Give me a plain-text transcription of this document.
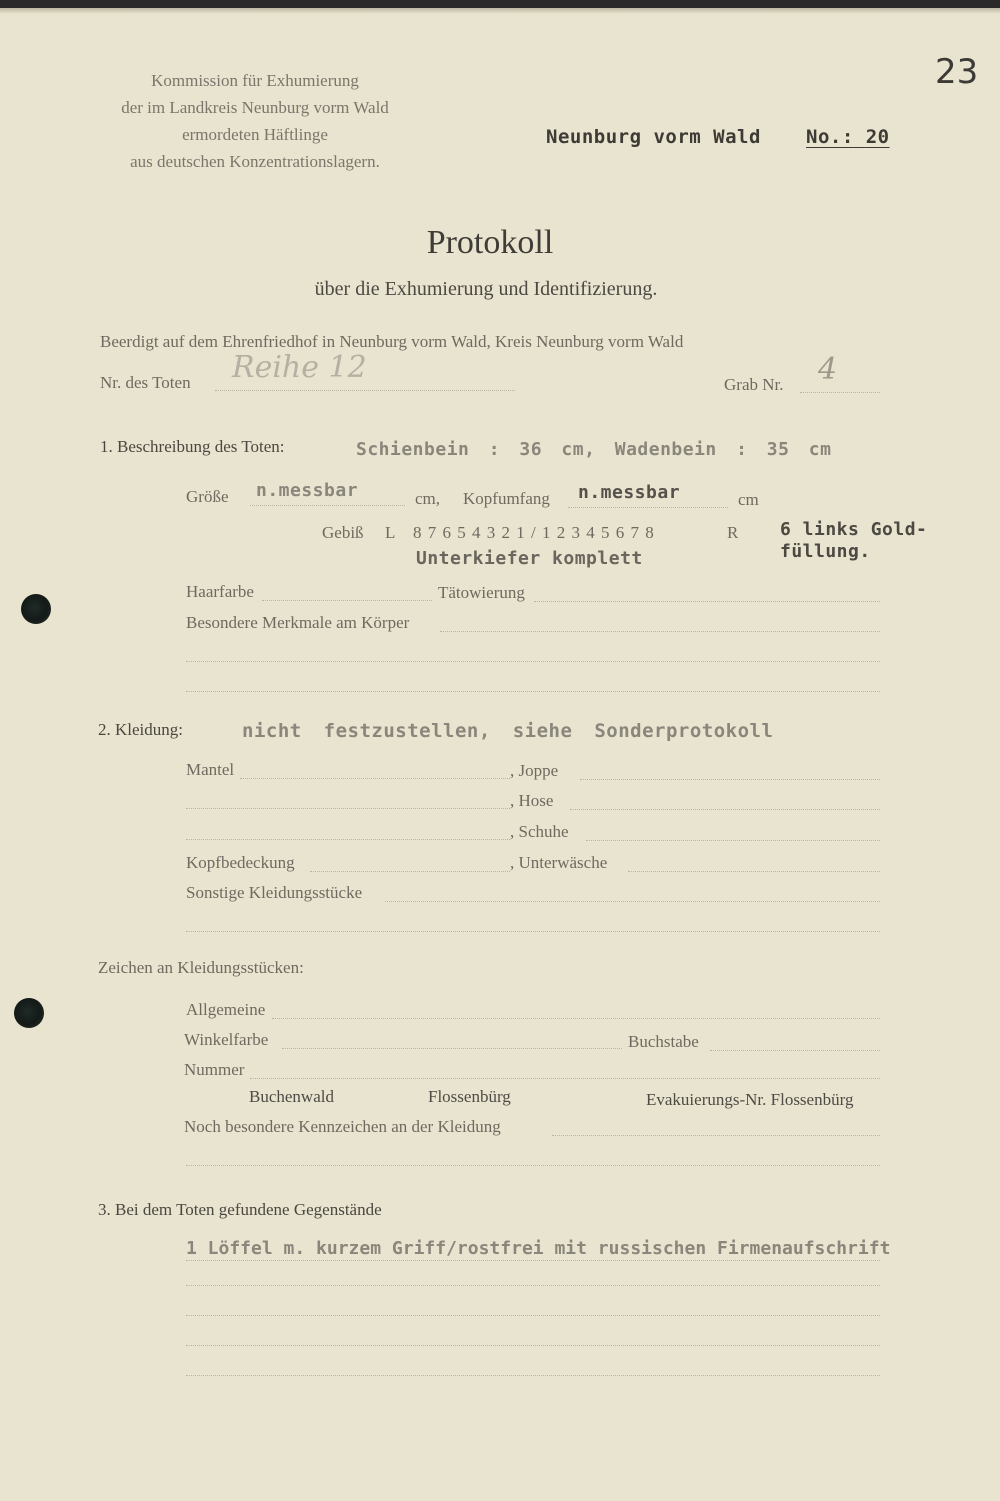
23
Kommission für Exhumierung
der im Landkreis Neunburg vorm Wald
ermordeten Häftlinge
aus deutschen Konzentrationslagern.
Neunburg vorm Wald No.: 20
Protokoll
über die Exhumierung und Identifizierung.
Beerdigt auf dem Ehrenfriedhof in Neunburg vorm Wald, Kreis Neunburg vorm Wald
Nr. des Toten Reihe 12	Grab Nr. 4
1. Beschreibung des Toten:	Schienbein : 36 cm, Wadenbein : 35 cm
Größe n.messbar	cm, Kopfumfang n.messbar	cm
Gebiß L 8 7 6 5 4 3 2 1 / 1 2 3 4 5 6 7 8	R 6 links Gold-
füllung.
Unterkiefer komplett
Haarfarbe	Tätowierung
Besondere Merkmale am Körper
2. Kleidung:	nicht festzustellen, siehe Sonderprotokoll
Mantel	, Joppe
, Hose
, Schuhe
Kopfbedeckung	, Unterwäsche
Sonstige Kleidungsstücke
Zeichen an Kleidungsstücken:
Allgemeine
Winkelfarbe	Buchstabe
Nummer
Buchenwald	Flossenbürg	Evakuierungs-Nr. Flossenbürg
Noch besondere Kennzeichen an der Kleidung
3. Bei dem Toten gefundene Gegenstände
1 Löffel m. kurzem Griff/rostfrei mit russischen Firmenaufschrift
